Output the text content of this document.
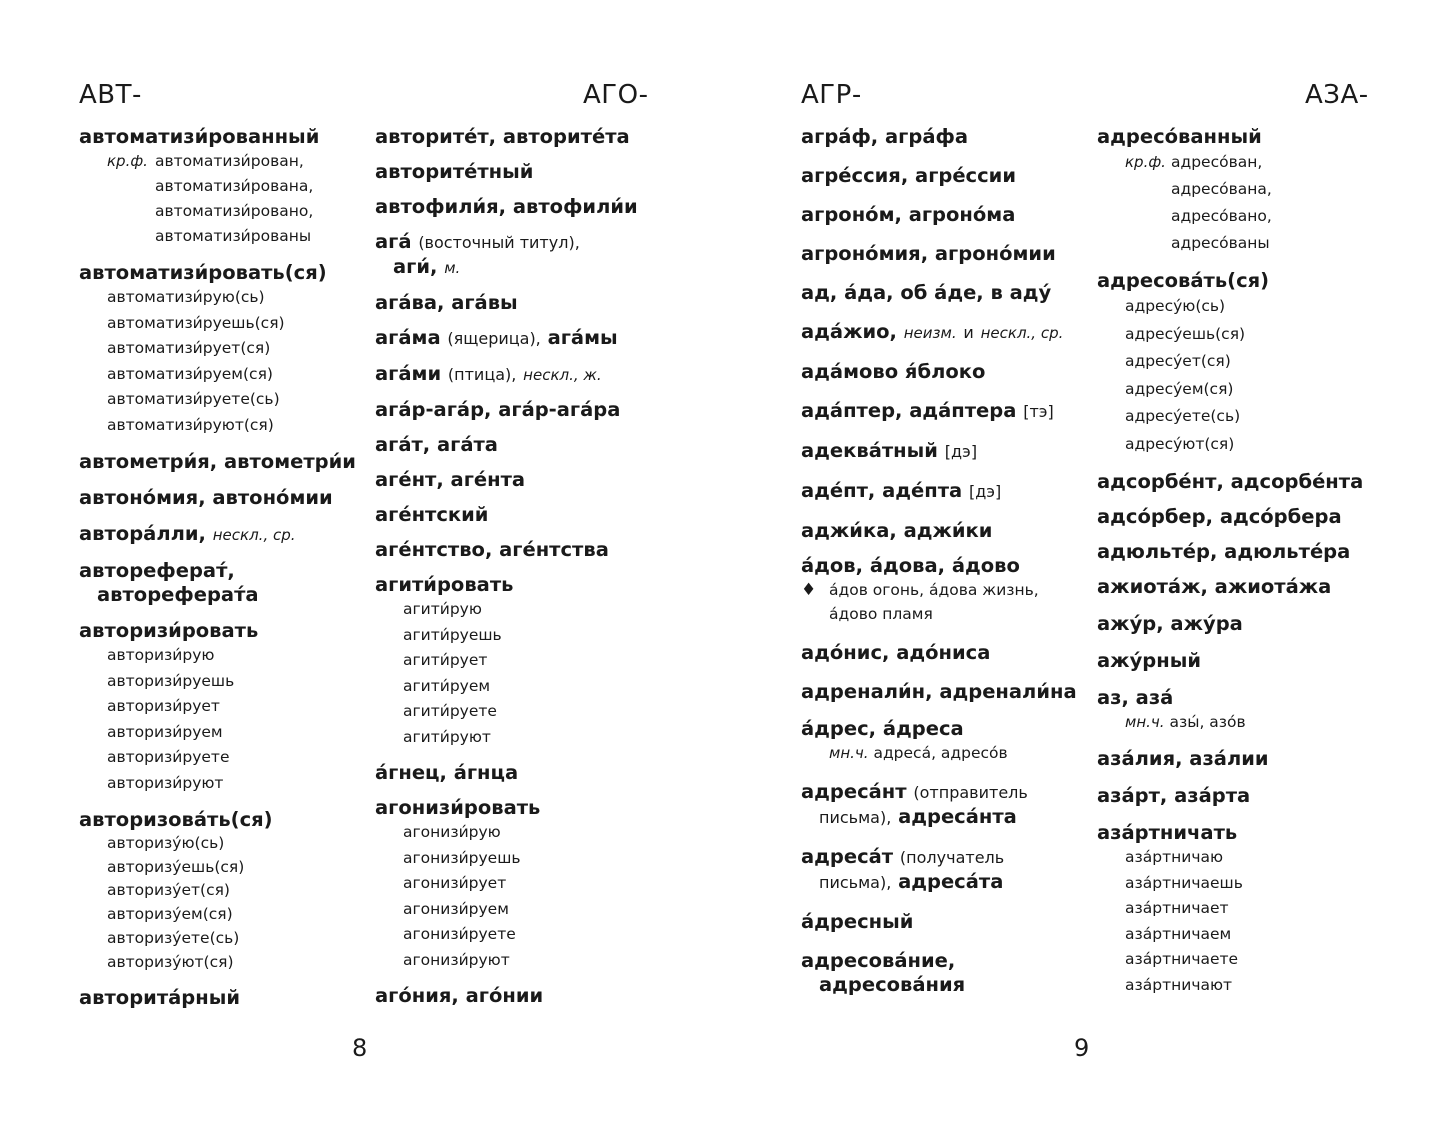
АВТ-	АГО-
автоматизи́рованный
кр.ф. автоматизи́рован,
автоматизи́рована,
автоматизи́ровано,
автоматизи́рованы
автоматизи́ровать(ся)
автоматизи́рую(сь)
автоматизи́руешь(ся)
автоматизи́рует(ся)
автоматизи́руем(ся)
автоматизи́руете(сь)
автоматизи́руют(ся)
автометри́я, автометри́и
автоно́мия, автоно́мии
автора́лли, нескл., ср.
автореферат́,
автореферат́а
авторизи́ровать
авторизи́рую
авторизи́руешь
авторизи́рует
авторизи́руем
авторизи́руете
авторизи́руют
авторизова́ть(ся)
авторизу́ю(сь)
авторизу́ешь(ся)
авторизу́ет(ся)
авторизу́ем(ся)
авторизу́ете(сь)
авторизу́ют(ся)
авторита́рный
авторите́т, авторите́та
авторите́тный
автофили́я, автофили́и
ага́ (восточный титул),
аги́, м.
ага́ва, ага́вы
ага́ма (ящерица), ага́мы
ага́ми (птица), нескл., ж.
ага́р-ага́р, ага́р-ага́ра
ага́т, ага́та
аге́нт, аге́нта
аге́нтский
аге́нтство, аге́нтства
агити́ровать
агити́рую
агити́руешь
агити́рует
агити́руем
агити́руете
агити́руют
а́гнец, а́гнца
агонизи́ровать
агонизи́рую
агонизи́руешь
агонизи́рует
агонизи́руем
агонизи́руете
агонизи́руют
аго́ния, аго́нии
8
АГР-	АЗА-
агра́ф, агра́фа
агре́ссия, агре́ссии
агроно́м, агроно́ма
агроно́мия, агроно́мии
ад, а́да, об а́де, в аду́
ада́жио, неизм. и нескл., ср.
ада́мово я́блоко
ада́птер, ада́птера [тэ]
адеква́тный [дэ]
аде́пт, аде́пта [дэ]
аджи́ка, аджи́ки
а́дов, а́дова, а́дово
♦ а́дов огонь, а́дова жизнь,
а́дово пламя
адо́нис, адо́ниса
адренали́н, адренали́на
а́дрес, а́дреса
мн.ч. адреса́, адресо́в
адреса́нт (отправитель
письма), адреса́нта
адреса́т (получатель
письма), адреса́та
а́дресный
адресова́ние,
адресова́ния
адресо́ванный
кр.ф. адресо́ван,
адресо́вана,
адресо́вано,
адресо́ваны
адресова́ть(ся)
адресу́ю(сь)
адресу́ешь(ся)
адресу́ет(ся)
адресу́ем(ся)
адресу́ете(сь)
адресу́ют(ся)
адсорбе́нт, адсорбе́нта
адсо́рбер, адсо́рбера
адюльте́р, адюльте́ра
ажиота́ж, ажиота́жа
ажу́р, ажу́ра
ажу́рный
аз, аза́
мн.ч. азы́, азо́в
аза́лия, аза́лии
аза́рт, аза́рта
аза́ртничать
аза́ртничаю
аза́ртничаешь
аза́ртничает
аза́ртничаем
аза́ртничаете
аза́ртничают
9
